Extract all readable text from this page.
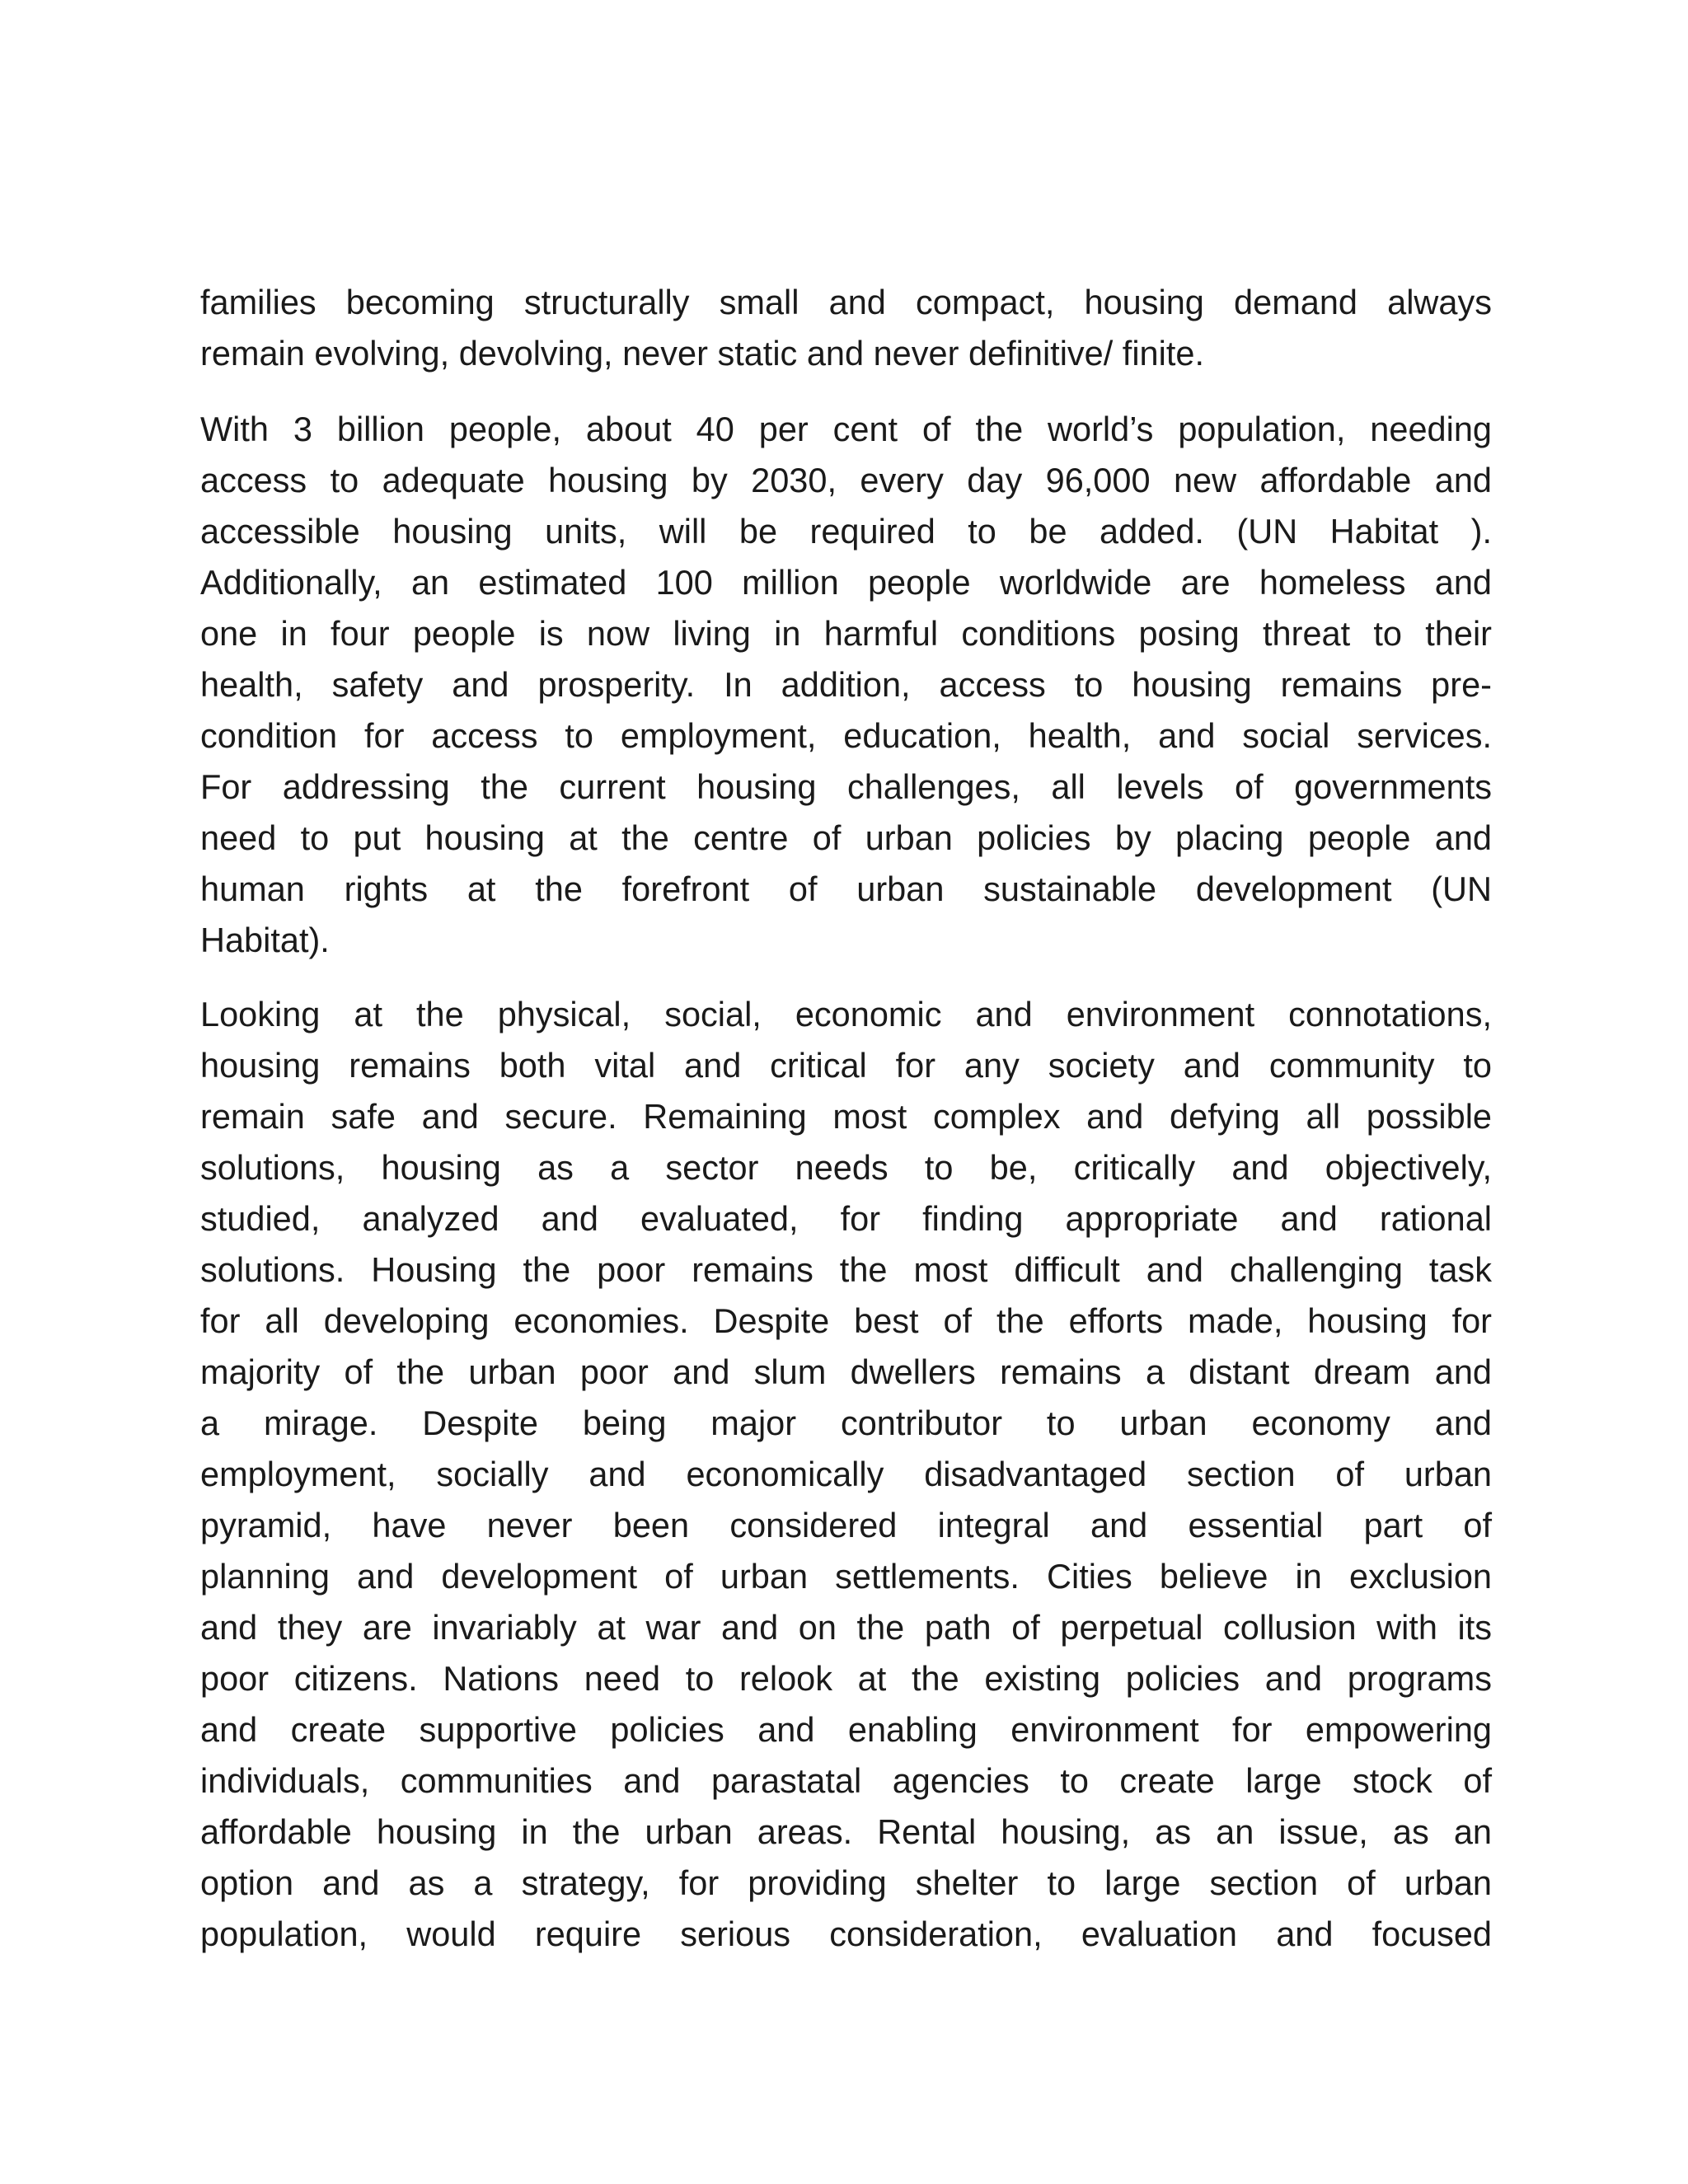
families becoming structurally small and compact, housing demand always
remain evolving, devolving, never static and never definitive/ finite.
With 3 billion people, about 40 per cent of the world’s population, needing
access to adequate housing by 2030, every day 96,000 new affordable and
accessible housing units, will be required to be added. (UN Habitat ).
Additionally, an estimated 100 million people worldwide are homeless and
one in four people is now living in harmful conditions posing threat to their
health, safety and prosperity. In addition, access to housing remains pre-
condition for access to employment, education, health, and social services.
For addressing the current housing challenges, all levels of governments
need to put housing at the centre of urban policies by placing people and
human rights at the forefront of urban sustainable development (UN
Habitat).
Looking at the physical, social, economic and environment connotations,
housing remains both vital and critical for any society and community to
remain safe and secure. Remaining most complex and defying all possible
solutions, housing as a sector needs to be, critically and objectively,
studied, analyzed and evaluated, for finding appropriate and rational
solutions. Housing the poor remains the most difficult and challenging task
for all developing economies. Despite best of the efforts made, housing for
majority of the urban poor and slum dwellers remains a distant dream and
a mirage. Despite being major contributor to urban economy and
employment, socially and economically disadvantaged section of urban
pyramid, have never been considered integral and essential part of
planning and development of urban settlements. Cities believe in exclusion
and they are invariably at war and on the path of perpetual collusion with its
poor citizens. Nations need to relook at the existing policies and programs
and create supportive policies and enabling environment for empowering
individuals, communities and parastatal agencies to create large stock of
affordable housing in the urban areas. Rental housing, as an issue, as an
option and as a strategy, for providing shelter to large section of urban
population, would require serious consideration, evaluation and focused
